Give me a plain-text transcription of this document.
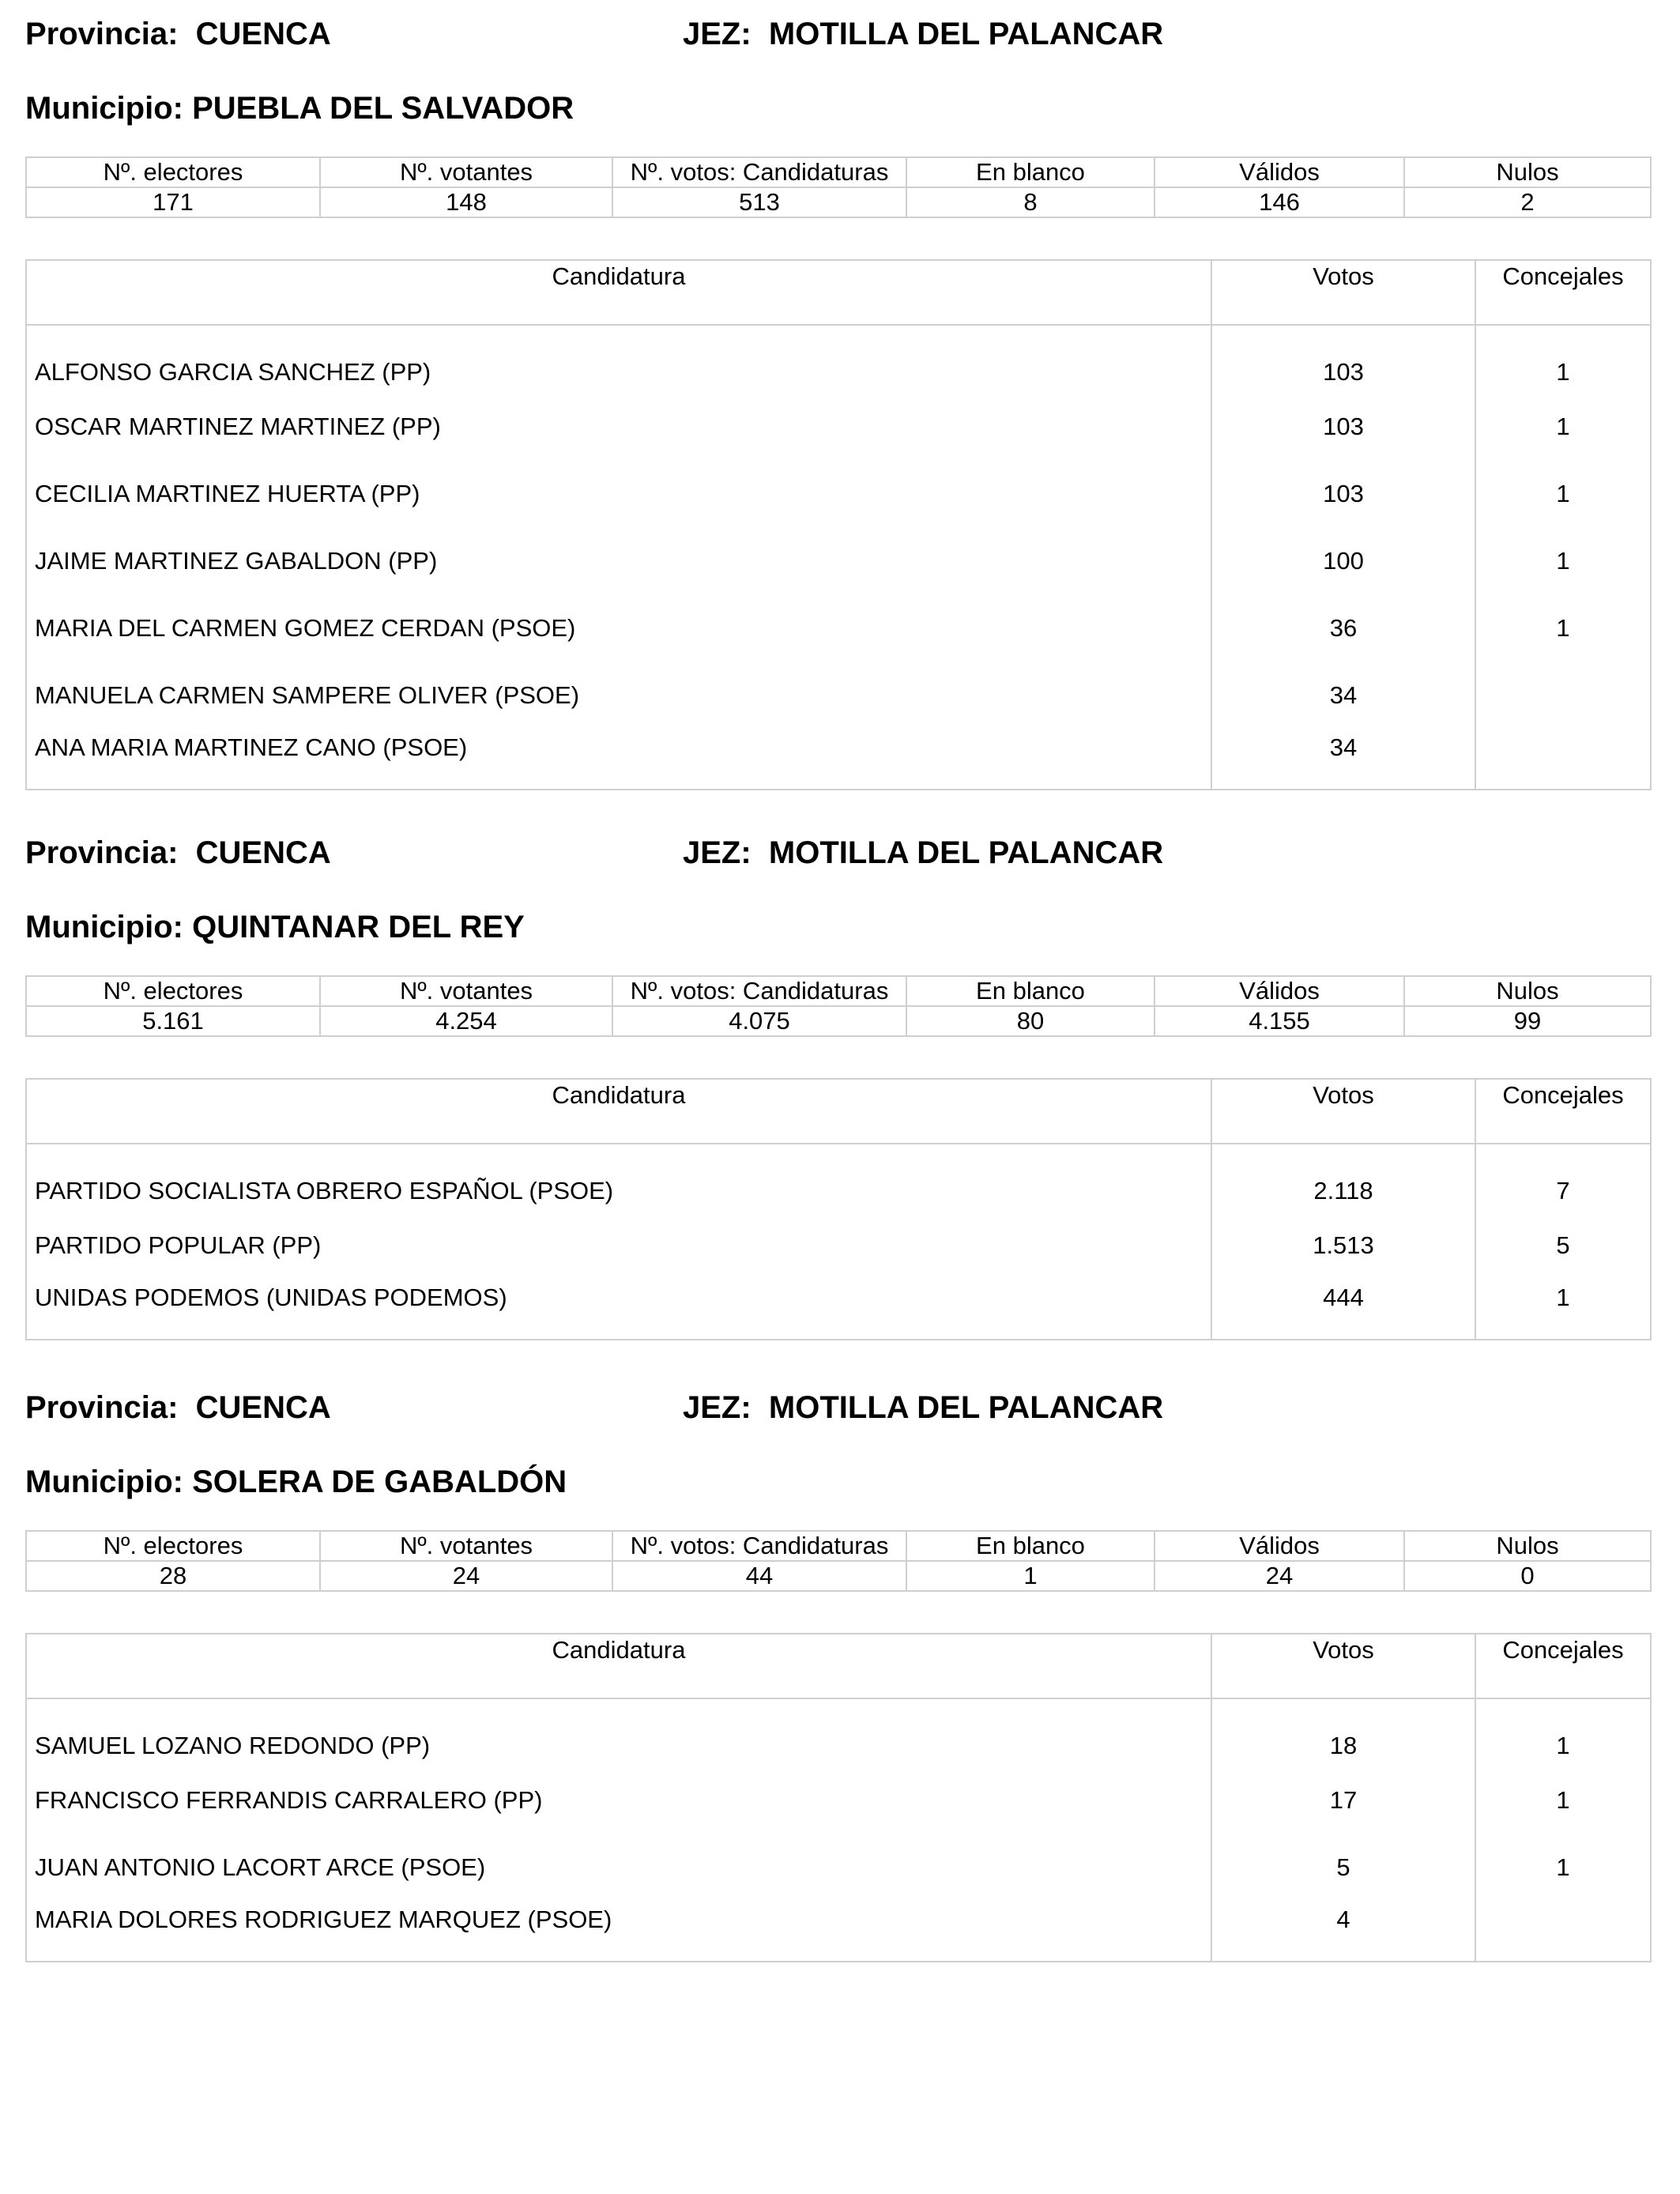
Provincia: CUENCA	JEZ: MOTILLA DEL PALANCAR
Municipio: PUEBLA DEL SALVADOR
Nº. electores	Nº. votantes	Nº. votos: Candidaturas	En blanco	Válidos	Nulos
171	148	513	8	146	2
Candidatura	Votos	Concejales
ALFONSO GARCIA SANCHEZ (PP)	103	1
OSCAR MARTINEZ MARTINEZ (PP)	103	1
CECILIA MARTINEZ HUERTA (PP)	103	1
JAIME MARTINEZ GABALDON (PP)	100	1
MARIA DEL CARMEN GOMEZ CERDAN (PSOE)	36	1
MANUELA CARMEN SAMPERE OLIVER (PSOE)	34	
ANA MARIA MARTINEZ CANO (PSOE)	34	
Provincia: CUENCA	JEZ: MOTILLA DEL PALANCAR
Municipio: QUINTANAR DEL REY
Nº. electores	Nº. votantes	Nº. votos: Candidaturas	En blanco	Válidos	Nulos
5.161	4.254	4.075	80	4.155	99
Candidatura	Votos	Concejales
PARTIDO SOCIALISTA OBRERO ESPAÑOL (PSOE)	2.118	7
PARTIDO POPULAR (PP)	1.513	5
UNIDAS PODEMOS (UNIDAS PODEMOS)	444	1
Provincia: CUENCA	JEZ: MOTILLA DEL PALANCAR
Municipio: SOLERA DE GABALDÓN
Nº. electores	Nº. votantes	Nº. votos: Candidaturas	En blanco	Válidos	Nulos
28	24	44	1	24	0
Candidatura	Votos	Concejales
SAMUEL LOZANO REDONDO (PP)	18	1
FRANCISCO FERRANDIS CARRALERO (PP)	17	1
JUAN ANTONIO LACORT ARCE (PSOE)	5	1
MARIA DOLORES RODRIGUEZ MARQUEZ (PSOE)	4	
